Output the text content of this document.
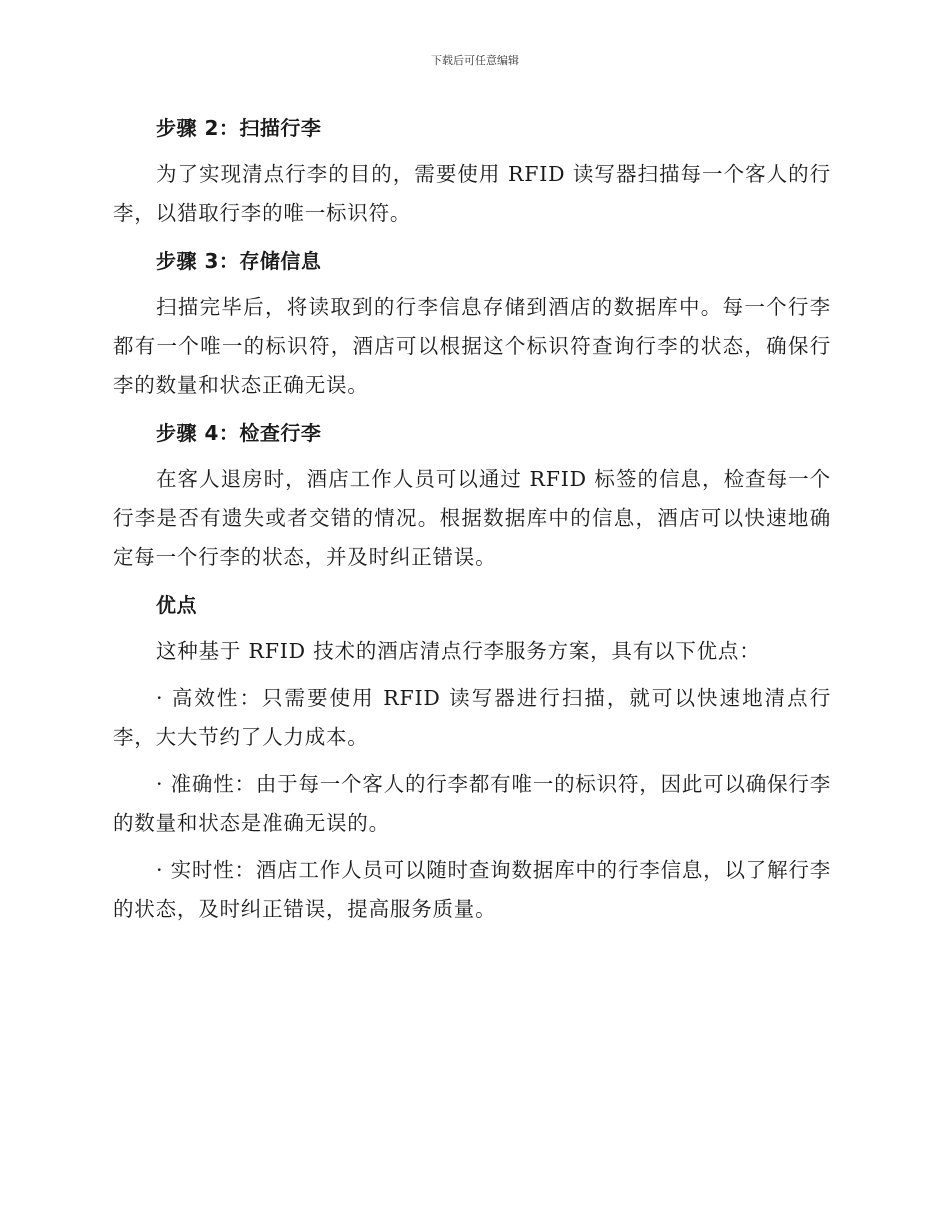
下载后可任意编辑
步骤 2：扫描行李

为了实现清点行李的目的，需要使用 RFID 读写器扫描每一个客人的行李，以猎取行李的唯一标识符。

步骤 3：存储信息

扫描完毕后，将读取到的行李信息存储到酒店的数据库中。每一个行李都有一个唯一的标识符，酒店可以根据这个标识符查询行李的状态，确保行李的数量和状态正确无误。

步骤 4：检查行李

在客人退房时，酒店工作人员可以通过 RFID 标签的信息，检查每一个行李是否有遗失或者交错的情况。根据数据库中的信息，酒店可以快速地确定每一个行李的状态，并及时纠正错误。

优点

这种基于 RFID 技术的酒店清点行李服务方案，具有以下优点：

· 高效性：只需要使用 RFID 读写器进行扫描，就可以快速地清点行李，大大节约了人力成本。

· 准确性：由于每一个客人的行李都有唯一的标识符，因此可以确保行李的数量和状态是准确无误的。

· 实时性：酒店工作人员可以随时查询数据库中的行李信息，以了解行李的状态，及时纠正错误，提高服务质量。
